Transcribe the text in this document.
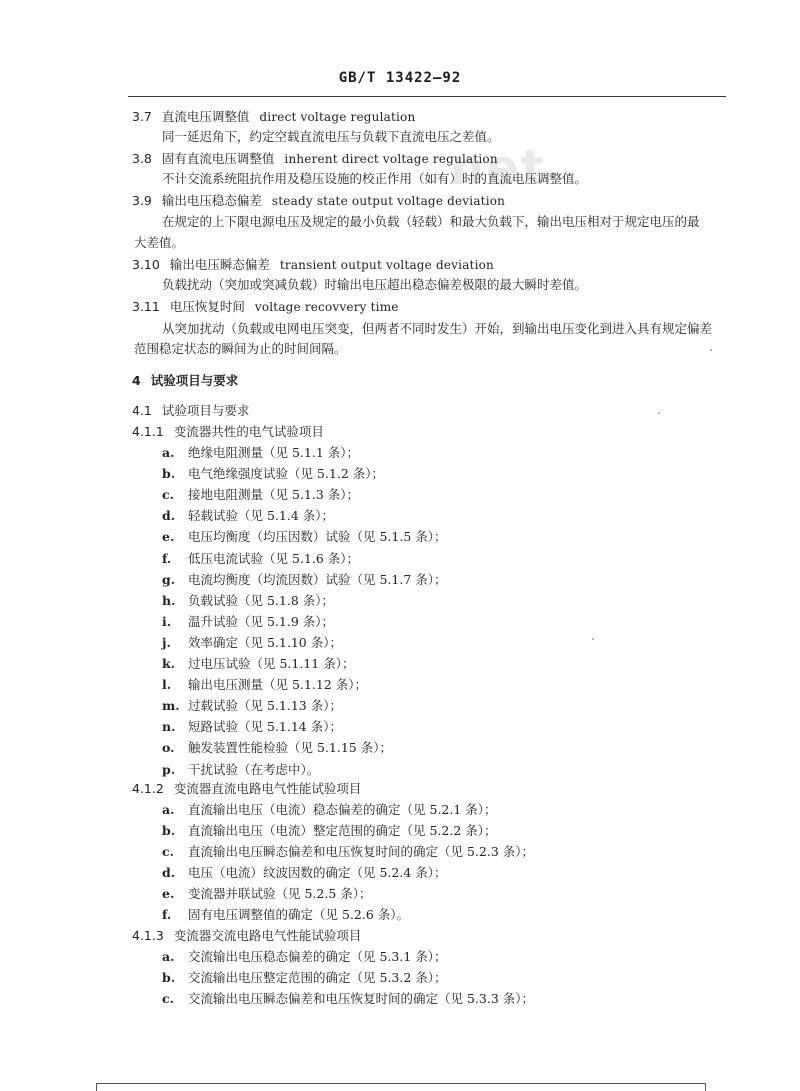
GB/T 13422—92
net
3.7 直流电压调整值 direct voltage regulation
同一延迟角下，约定空载直流电压与负载下直流电压之差值。
3.8 固有直流电压调整值 inherent direct voltage regulation
不计交流系统阻抗作用及稳压设施的校正作用（如有）时的直流电压调整值。
3.9 输出电压稳态偏差 steady state output voltage deviation
在规定的上下限电源电压及规定的最小负载（轻载）和最大负载下，输出电压相对于规定电压的最
大差值。
3.10 输出电压瞬态偏差 transient output voltage deviation
负载扰动（突加或突减负载）时输出电压超出稳态偏差极限的最大瞬时差值。
3.11 电压恢复时间 voltage recovvery time
从突加扰动（负载或电网电压突变，但两者不同时发生）开始，到输出电压变化到进入具有规定偏差
范围稳定状态的瞬间为止的时间间隔。
4 试验项目与要求
4.1 试验项目与要求
4.1.1 变流器共性的电气试验项目
a. 绝缘电阻测量（见 5.1.1 条）；
b. 电气绝缘强度试验（见 5.1.2 条）；
c. 接地电阻测量（见 5.1.3 条）；
d. 轻载试验（见 5.1.4 条）；
e. 电压均衡度（均压因数）试验（见 5.1.5 条）；
f. 低压电流试验（见 5.1.6 条）；
g. 电流均衡度（均流因数）试验（见 5.1.7 条）；
h. 负载试验（见 5.1.8 条）；
i. 温升试验（见 5.1.9 条）；
j. 效率确定（见 5.1.10 条）；
k. 过电压试验（见 5.1.11 条）；
l. 输出电压测量（见 5.1.12 条）；
m. 过载试验（见 5.1.13 条）；
n. 短路试验（见 5.1.14 条）；
o. 触发装置性能检验（见 5.1.15 条）；
p. 干扰试验（在考虑中）。
4.1.2 变流器直流电路电气性能试验项目
a. 直流输出电压（电流）稳态偏差的确定（见 5.2.1 条）；
b. 直流输出电压（电流）整定范围的确定（见 5.2.2 条）；
c. 直流输出电压瞬态偏差和电压恢复时间的确定（见 5.2.3 条）；
d. 电压（电流）纹波因数的确定（见 5.2.4 条）；
e. 变流器并联试验（见 5.2.5 条）；
f. 固有电压调整值的确定（见 5.2.6 条）。
4.1.3 变流器交流电路电气性能试验项目
a. 交流输出电压稳态偏差的确定（见 5.3.1 条）；
b. 交流输出电压整定范围的确定（见 5.3.2 条）；
c. 交流输出电压瞬态偏差和电压恢复时间的确定（见 5.3.3 条）；
